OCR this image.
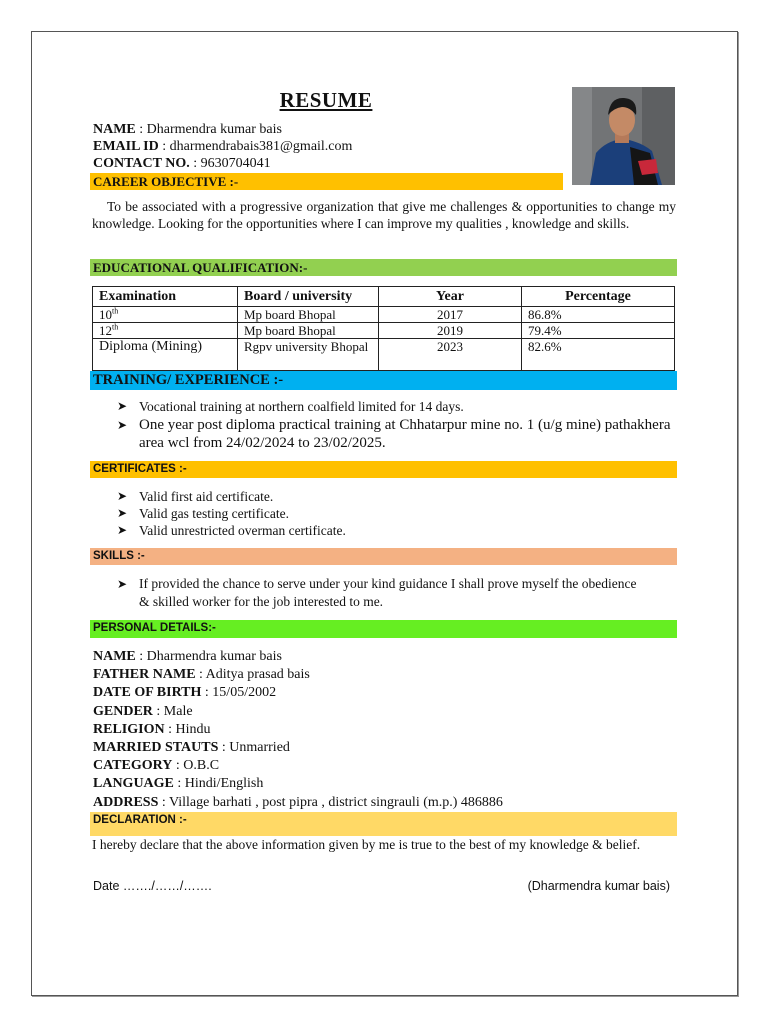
RESUME
NAME : Dharmendra kumar bais
EMAIL ID : dharmendrabais381@gmail.com
CONTACT NO. : 9630704041
CAREER OBJECTIVE :-
To be associated with a progressive organization that give me challenges & opportunities to change my knowledge. Looking for the opportunities where I can improve my qualities , knowledge and skills.
EDUCATIONAL QUALIFICATION:-
Examination	Board / university	Year	Percentage
10th	Mp board Bhopal	2017	86.8%
12th	Mp board Bhopal	2019	79.4%
Diploma (Mining)	Rgpv university Bhopal	2023	82.6%
TRAINING/ EXPERIENCE :-
➤ Vocational training at northern coalfield limited for 14 days.
➤ One year post diploma practical training at Chhatarpur mine no. 1 (u/g mine) pathakhera area wcl from 24/02/2024 to 23/02/2025.
CERTIFICATES :-
➤ Valid first aid certificate.
➤ Valid gas testing certificate.
➤ Valid unrestricted overman certificate.
SKILLS :-
➤ If provided the chance to serve under your kind guidance I shall prove myself the obedience & skilled worker for the job interested to me.
PERSONAL DETAILS:-
NAME : Dharmendra kumar bais
FATHER NAME : Aditya prasad bais
DATE OF BIRTH : 15/05/2002
GENDER : Male
RELIGION : Hindu
MARRIED STAUTS : Unmarried
CATEGORY : O.B.C
LANGUAGE : Hindi/English
ADDRESS : Village barhati , post pipra , district singrauli (m.p.) 486886
DECLARATION :-
I hereby declare that the above information given by me is true to the best of my knowledge & belief.
Date ……./……/…….	(Dharmendra kumar bais)
